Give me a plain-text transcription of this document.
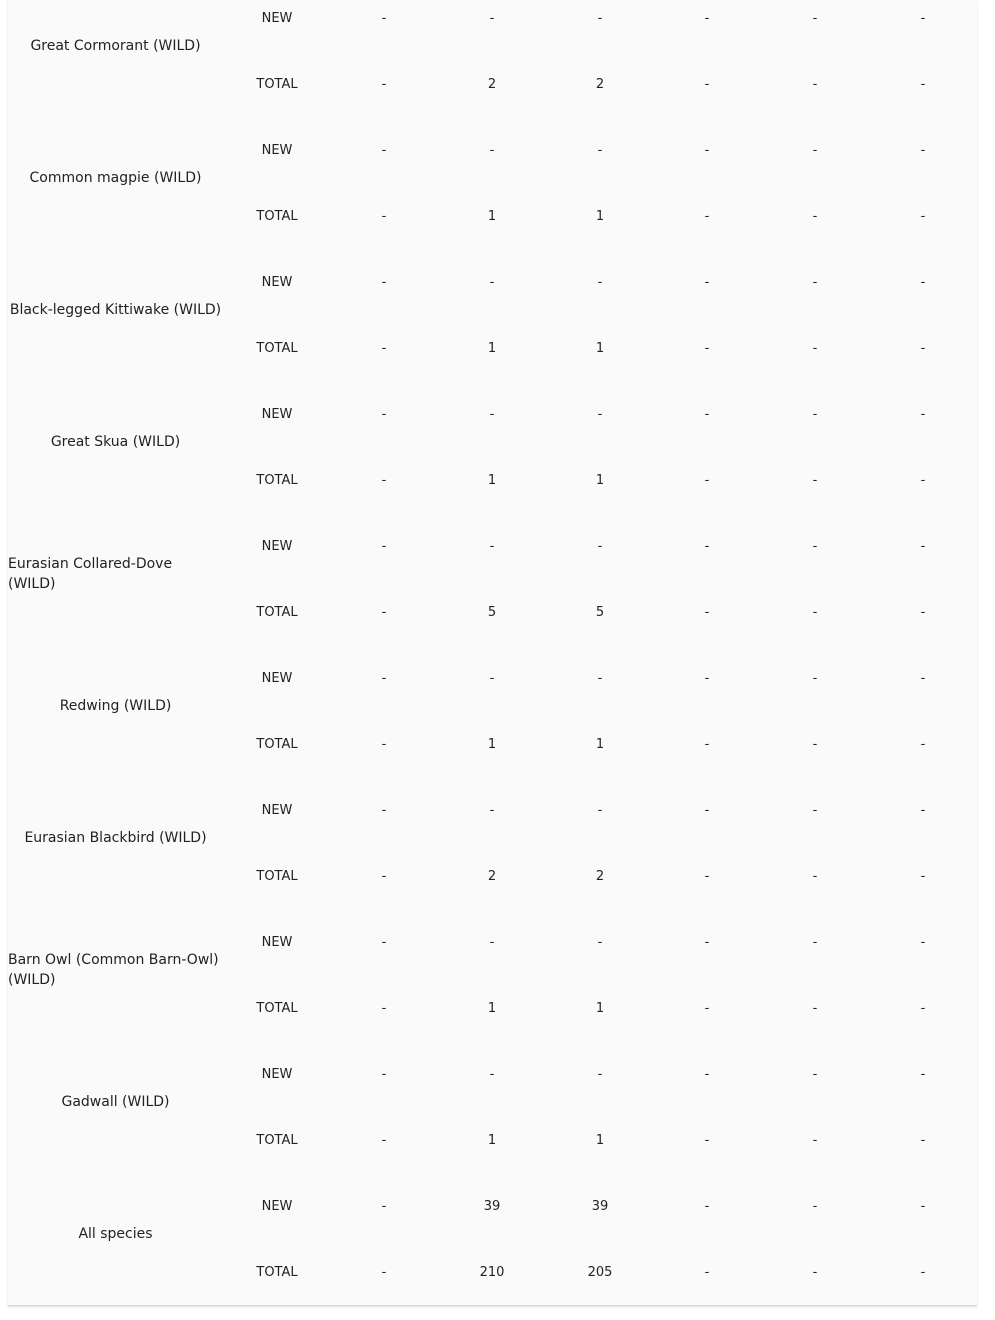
Great Cormorant (WILD)
NEW	-	-	-	-	-	-
TOTAL	-	2	2	-	-	-
Common magpie (WILD)
NEW	-	-	-	-	-	-
TOTAL	-	1	1	-	-	-
Black-legged Kittiwake (WILD)
NEW	-	-	-	-	-	-
TOTAL	-	1	1	-	-	-
Great Skua (WILD)
NEW	-	-	-	-	-	-
TOTAL	-	1	1	-	-	-
Eurasian Collared-Dove (WILD)
NEW	-	-	-	-	-	-
TOTAL	-	5	5	-	-	-
Redwing (WILD)
NEW	-	-	-	-	-	-
TOTAL	-	1	1	-	-	-
Eurasian Blackbird (WILD)
NEW	-	-	-	-	-	-
TOTAL	-	2	2	-	-	-
Barn Owl (Common Barn-Owl) (WILD)
NEW	-	-	-	-	-	-
TOTAL	-	1	1	-	-	-
Gadwall (WILD)
NEW	-	-	-	-	-	-
TOTAL	-	1	1	-	-	-
All species
NEW	-	39	39	-	-	-
TOTAL	-	210	205	-	-	-
